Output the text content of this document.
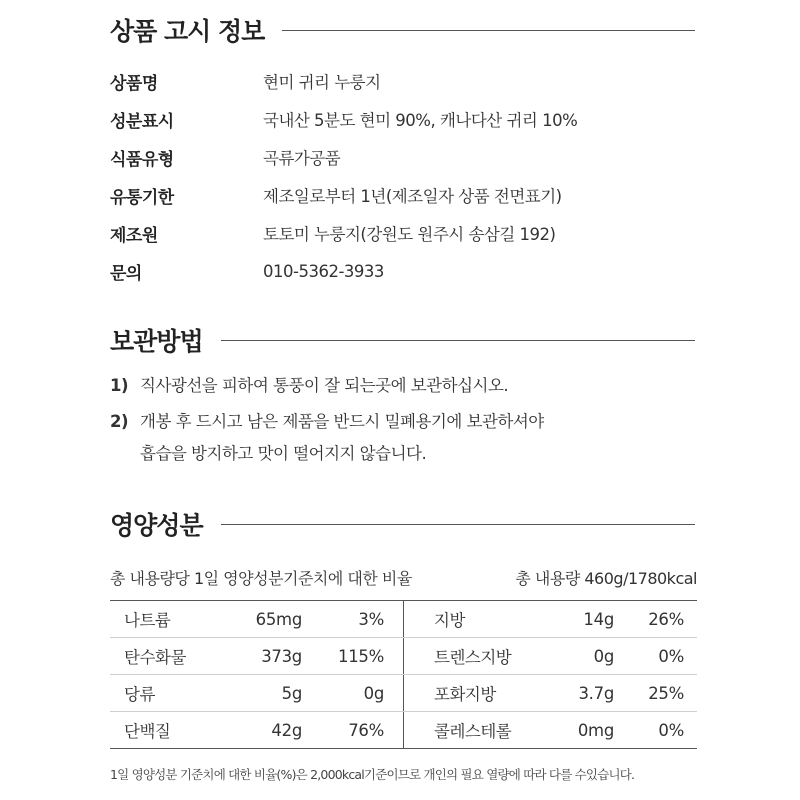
상품 고시 정보
상품명	현미 귀리 누룽지
성분표시	국내산 5분도 현미 90%, 캐나다산 귀리 10%
식품유형	곡류가공품
유통기한	제조일로부터 1년(제조일자 상품 전면표기)
제조원	토토미 누룽지(강원도 원주시 송삼길 192)
문의	010-5362-3933
보관방법
1) 직사광선을 피하여 통풍이 잘 되는곳에 보관하십시오.
2) 개봉 후 드시고 남은 제품을 반드시 밀폐용기에 보관하셔야
흡습을 방지하고 맛이 떨어지지 않습니다.
영양성분
총 내용량당 1일 영양성분기준치에 대한 비율	총 내용량 460g/1780kcal
나트륨	65mg	3%	지방	14g	26%
탄수화물	373g	115%	트렌스지방	0g	0%
당류	5g	0g	포화지방	3.7g	25%
단백질	42g	76%	콜레스테롤	0mg	0%
1일 영양성분 기준치에 대한 비율(%)은 2,000kcal기준이므로 개인의 필요 열량에 따라 다를 수있습니다.
